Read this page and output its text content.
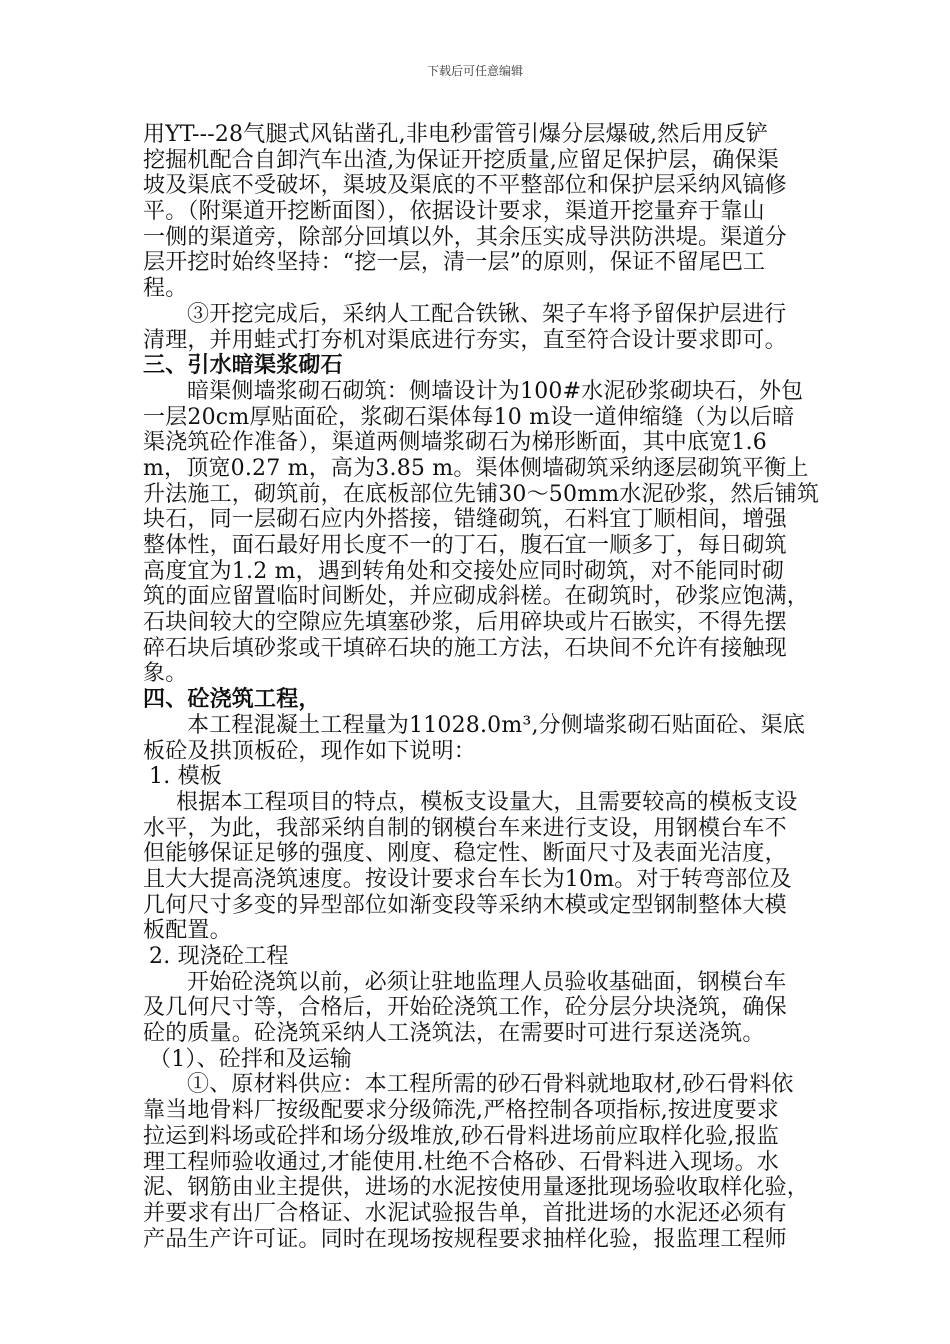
下载后可任意编辑
用YT---28气腿式风钻凿孔,非电秒雷管引爆分层爆破,然后用反铲
挖掘机配合自卸汽车出渣,为保证开挖质量,应留足保护层，确保渠
坡及渠底不受破坏，渠坡及渠底的不平整部位和保护层采纳风镐修
平。（附渠道开挖断面图），依据设计要求，渠道开挖量弃于靠山
一侧的渠道旁，除部分回填以外，其余压实成导洪防洪堤。渠道分
层开挖时始终坚持：“挖一层，清一层”的原则，保证不留尾巴工
程。
③开挖完成后，采纳人工配合铁锹、架子车将予留保护层进行
清理，并用蛙式打夯机对渠底进行夯实，直至符合设计要求即可。
三、引水暗渠浆砌石
暗渠侧墙浆砌石砌筑：侧墙设计为100#水泥砂浆砌块石，外包
一层20cm厚贴面砼，浆砌石渠体每10 m设一道伸缩缝（为以后暗
渠浇筑砼作准备），渠道两侧墙浆砌石为梯形断面，其中底宽1.6
m，顶宽0.27 m，高为3.85 m。渠体侧墙砌筑采纳逐层砌筑平衡上
升法施工，砌筑前，在底板部位先铺30～50mm水泥砂浆，然后铺筑
块石，同一层砌石应内外搭接，错缝砌筑，石料宜丁顺相间，增强
整体性，面石最好用长度不一的丁石，腹石宜一顺多丁，每日砌筑
高度宜为1.2 m，遇到转角处和交接处应同时砌筑，对不能同时砌
筑的面应留置临时间断处，并应砌成斜槎。在砌筑时，砂浆应饱满，
石块间较大的空隙应先填塞砂浆，后用碎块或片石嵌实，不得先摆
碎石块后填砂浆或干填碎石块的施工方法，石块间不允许有接触现
象。
四、砼浇筑工程，
本工程混凝土工程量为11028.0m³,分侧墙浆砌石贴面砼、渠底
板砼及拱顶板砼，现作如下说明：
1. 模板
根据本工程项目的特点，模板支设量大，且需要较高的模板支设
水平，为此，我部采纳自制的钢模台车来进行支设，用钢模台车不
但能够保证足够的强度、刚度、稳定性、断面尺寸及表面光洁度，
且大大提高浇筑速度。按设计要求台车长为10m。对于转弯部位及
几何尺寸多变的异型部位如渐变段等采纳木模或定型钢制整体大模
板配置。
2. 现浇砼工程
开始砼浇筑以前，必须让驻地监理人员验收基础面，钢模台车
及几何尺寸等，合格后，开始砼浇筑工作，砼分层分块浇筑，确保
砼的质量。砼浇筑采纳人工浇筑法，在需要时可进行泵送浇筑。
（1）、砼拌和及运输
①、原材料供应：本工程所需的砂石骨料就地取材,砂石骨料依
靠当地骨料厂按级配要求分级筛洗,严格控制各项指标,按进度要求
拉运到料场或砼拌和场分级堆放,砂石骨料进场前应取样化验,报监
理工程师验收通过,才能使用.杜绝不合格砂、石骨料进入现场。水
泥、钢筋由业主提供，进场的水泥按使用量逐批现场验收取样化验，
并要求有出厂合格证、水泥试验报告单，首批进场的水泥还必须有
产品生产许可证。同时在现场按规程要求抽样化验，报监理工程师
